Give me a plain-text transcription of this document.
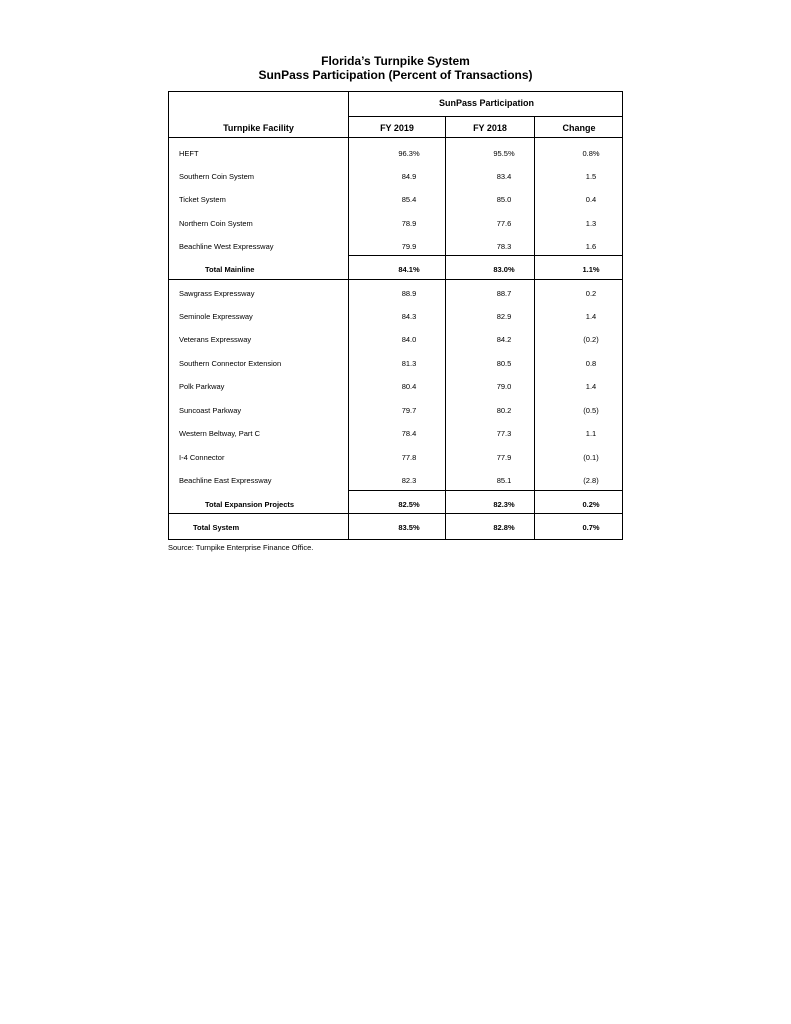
Florida’s Turnpike System
SunPass Participation (Percent of Transactions)
SunPass Participation
Turnpike Facility	FY 2019	FY 2018	Change
HEFT	96.3%	95.5%	0.8%
Southern Coin System	84.9	83.4	1.5
Ticket System	85.4	85.0	0.4
Northern Coin System	78.9	77.6	1.3
Beachline West Expressway	79.9	78.3	1.6
Total Mainline	84.1%	83.0%	1.1%
Sawgrass Expressway	88.9	88.7	0.2
Seminole Expressway	84.3	82.9	1.4
Veterans Expressway	84.0	84.2	(0.2)
Southern Connector Extension	81.3	80.5	0.8
Polk Parkway	80.4	79.0	1.4
Suncoast Parkway	79.7	80.2	(0.5)
Western Beltway, Part C	78.4	77.3	1.1
I-4 Connector	77.8	77.9	(0.1)
Beachline East Expressway	82.3	85.1	(2.8)
Total Expansion Projects	82.5%	82.3%	0.2%
Total System	83.5%	82.8%	0.7%
Source: Turnpike Enterprise Finance Office.
